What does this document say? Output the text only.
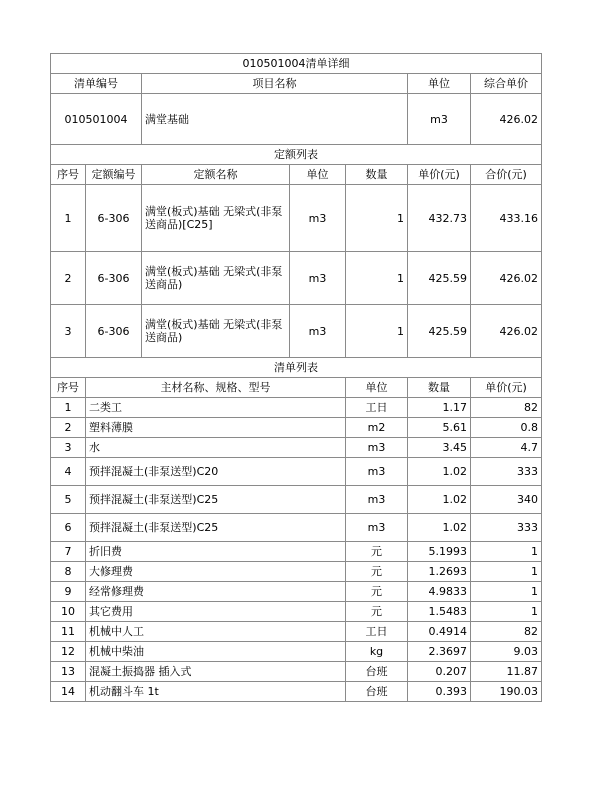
010501004清单详细							
清单编号		项目名称			单位	综合单价	
010501004		满堂基础			m3	426.02	
定额列表							
序号	定额编号	定额名称	单位	数量	单价(元)	合价(元)	
1	6-306	满堂(板式)基础 无梁式(非泵送商品)[C25]	m3	1	432.73	433.16	
2	6-306	满堂(板式)基础 无梁式(非泵送商品)	m3	1	425.59	426.02	
3	6-306	满堂(板式)基础 无梁式(非泵送商品)	m3	1	425.59	426.02	
清单列表							
序号	主材名称、规格、型号			单位	数量	单价(元)	
1	二类工			工日	1.17	82	
2	塑料薄膜			m2	5.61	0.8	
3	水			m3	3.45	4.7	
4	预拌混凝土(非泵送型)C20			m3	1.02	333	
5	预拌混凝土(非泵送型)C25			m3	1.02	340	
6	预拌混凝土(非泵送型)C25			m3	1.02	333	
7	折旧费			元	5.1993	1	
8	大修理费			元	1.2693	1	
9	经常修理费			元	4.9833	1	
10	其它费用			元	1.5483	1	
11	机械中人工			工日	0.4914	82	
12	机械中柴油			kg	2.3697	9.03	
13	混凝土振捣器 插入式			台班	0.207	11.87	
14	机动翻斗车 1t			台班	0.393	190.03	
